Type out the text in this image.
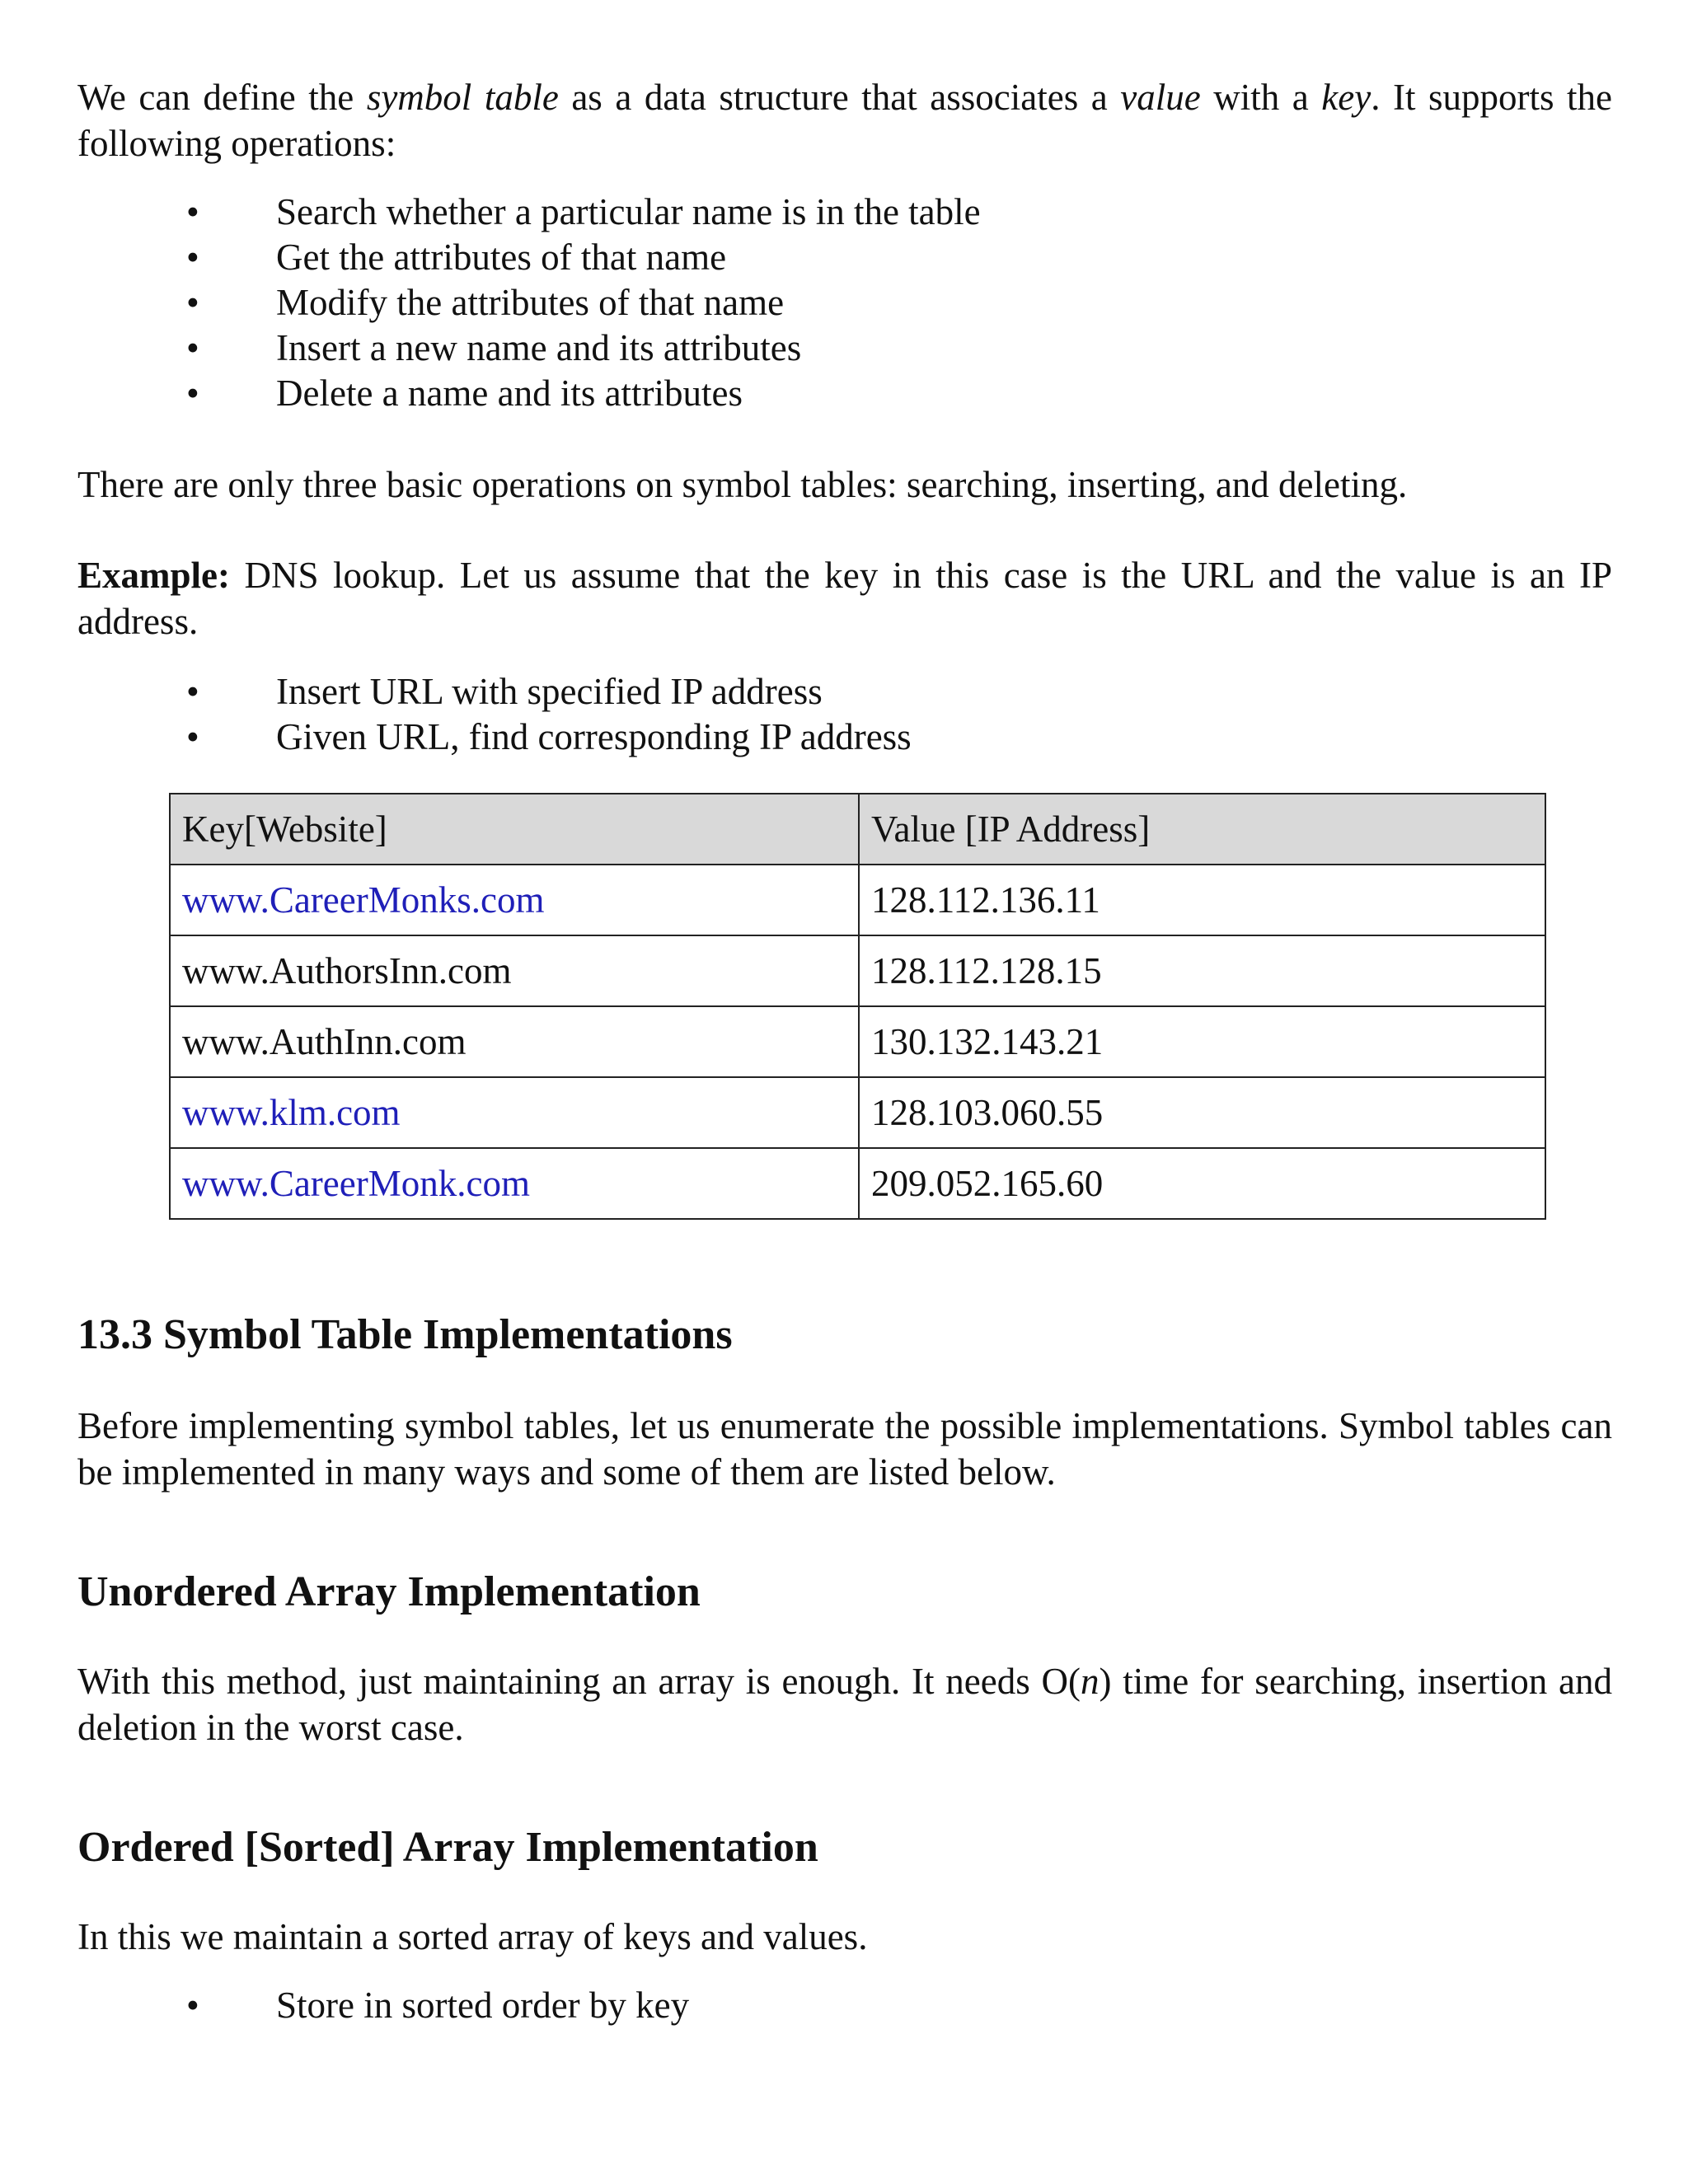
We can define the symbol table as a data structure that associates a value with a key. It supports the following operations:

• Search whether a particular name is in the table
• Get the attributes of that name
• Modify the attributes of that name
• Insert a new name and its attributes
• Delete a name and its attributes

There are only three basic operations on symbol tables: searching, inserting, and deleting.

Example: DNS lookup. Let us assume that the key in this case is the URL and the value is an IP address.

• Insert URL with specified IP address
• Given URL, find corresponding IP address
Key[Website]	Value [IP Address]
www.CareerMonks.com	128.112.136.11
www.AuthorsInn.com	128.112.128.15
www.AuthInn.com	130.132.143.21
www.klm.com	128.103.060.55
www.CareerMonk.com	209.052.165.60
13.3 Symbol Table Implementations

Before implementing symbol tables, let us enumerate the possible implementations. Symbol tables can be implemented in many ways and some of them are listed below.

Unordered Array Implementation

With this method, just maintaining an array is enough. It needs O(n) time for searching, insertion and deletion in the worst case.

Ordered [Sorted] Array Implementation

In this we maintain a sorted array of keys and values.

• Store in sorted order by key
